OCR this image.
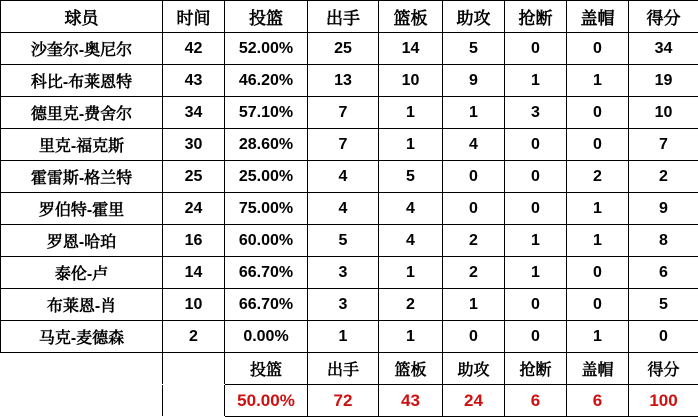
球员	时间	投篮	出手	篮板	助攻	抢断	盖帽	得分
沙奎尔-奥尼尔	42	52.00%	25	14	5	0	0	34
科比-布莱恩特	43	46.20%	13	10	9	1	1	19
德里克-费舍尔	34	57.10%	7	1	1	3	0	10
里克-福克斯	30	28.60%	7	1	4	0	0	7
霍雷斯-格兰特	25	25.00%	4	5	0	0	2	2
罗伯特-霍里	24	75.00%	4	4	0	0	1	9
罗恩-哈珀	16	60.00%	5	4	2	1	1	8
泰伦-卢	14	66.70%	3	1	2	1	0	6
布莱恩-肖	10	66.70%	3	2	1	0	0	5
马克-麦德森	2	0.00%	1	1	0	0	1	0
		投篮	出手	篮板	助攻	抢断	盖帽	得分
		50.00%	72	43	24	6	6	100
